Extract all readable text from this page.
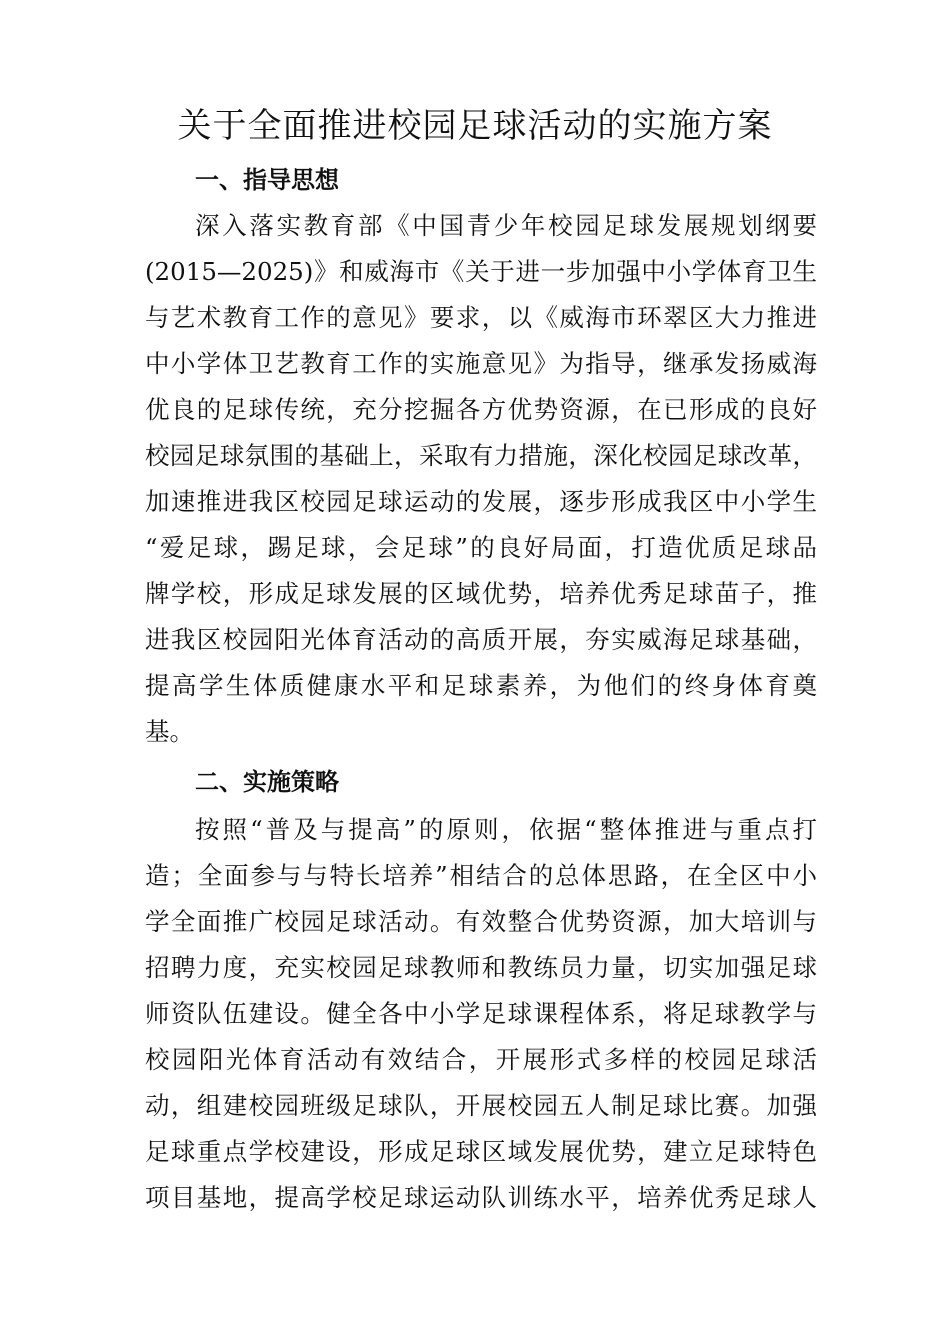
关于全面推进校园足球活动的实施方案
一、指导思想
深入落实教育部《中国青少年校园足球发展规划纲要
(2015—2025)》和威海市《关于进一步加强中小学体育卫生
与艺术教育工作的意见》要求，以《威海市环翠区大力推进
中小学体卫艺教育工作的实施意见》为指导，继承发扬威海
优良的足球传统，充分挖掘各方优势资源，在已形成的良好
校园足球氛围的基础上，采取有力措施，深化校园足球改革，
加速推进我区校园足球运动的发展，逐步形成我区中小学生
“爱足球，踢足球，会足球”的良好局面，打造优质足球品
牌学校，形成足球发展的区域优势，培养优秀足球苗子，推
进我区校园阳光体育活动的高质开展，夯实威海足球基础，
提高学生体质健康水平和足球素养，为他们的终身体育奠
基。
二、实施策略
按照“普及与提高”的原则，依据“整体推进与重点打
造；全面参与与特长培养”相结合的总体思路，在全区中小
学全面推广校园足球活动。有效整合优势资源，加大培训与
招聘力度，充实校园足球教师和教练员力量，切实加强足球
师资队伍建设。健全各中小学足球课程体系，将足球教学与
校园阳光体育活动有效结合，开展形式多样的校园足球活
动，组建校园班级足球队，开展校园五人制足球比赛。加强
足球重点学校建设，形成足球区域发展优势，建立足球特色
项目基地，提高学校足球运动队训练水平，培养优秀足球人
